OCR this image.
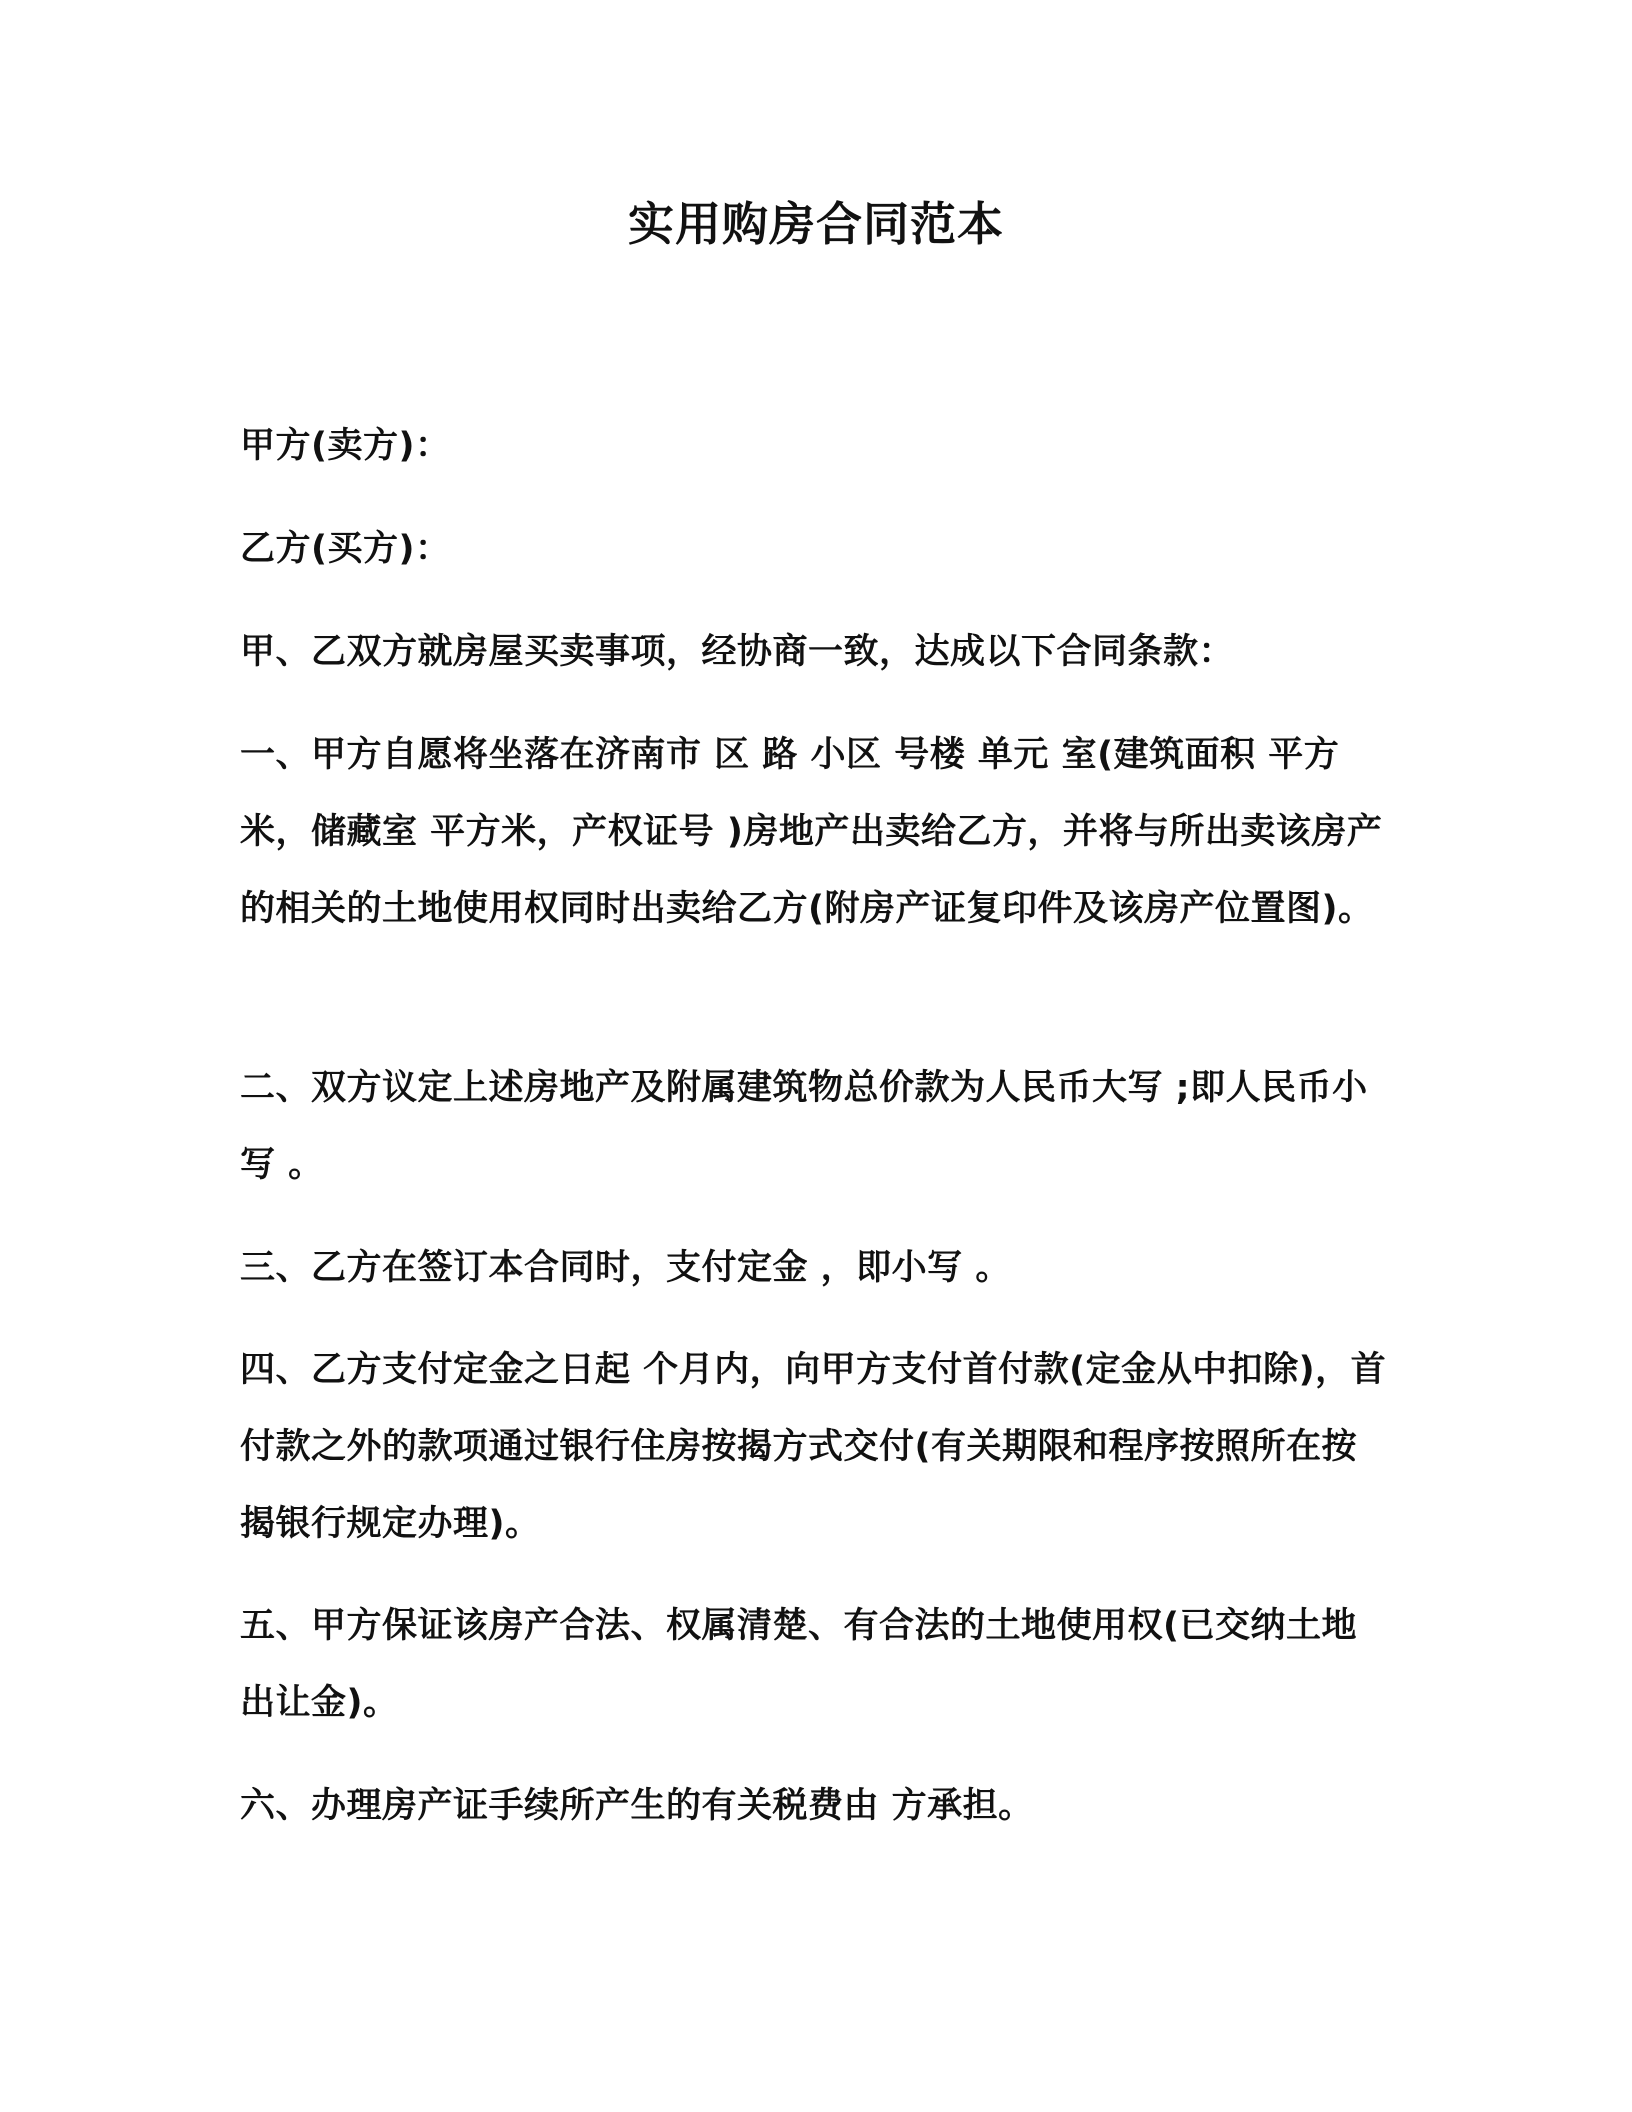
实用购房合同范本

甲方(卖方)：

乙方(买方)：

甲、乙双方就房屋买卖事项，经协商一致，达成以下合同条款：

一、甲方自愿将坐落在济南市 区 路 小区 号楼 单元 室(建筑面积 平方米，储藏室 平方米，产权证号 )房地产出卖给乙方，并将与所出卖该房产的相关的土地使用权同时出卖给乙方(附房产证复印件及该房产位置图)。

二、双方议定上述房地产及附属建筑物总价款为人民币大写 ;即人民币小写 。

三、乙方在签订本合同时，支付定金 ，即小写 。

四、乙方支付定金之日起 个月内，向甲方支付首付款(定金从中扣除)，首付款之外的款项通过银行住房按揭方式交付(有关期限和程序按照所在按揭银行规定办理)。

五、甲方保证该房产合法、权属清楚、有合法的土地使用权(已交纳土地出让金)。

六、办理房产证手续所产生的有关税费由 方承担。
